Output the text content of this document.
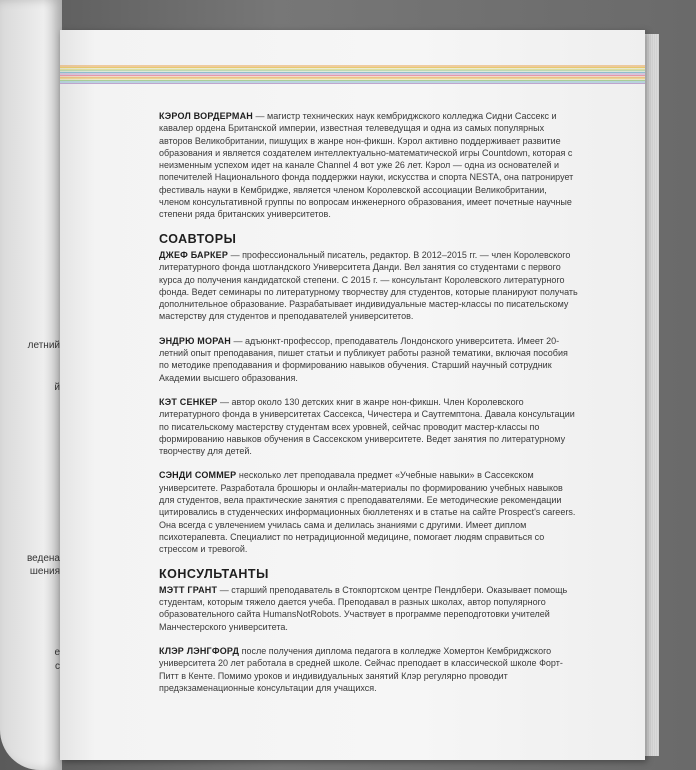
летний
й
ведена
шения
е
с

КЭРОЛ ВОРДЕРМАН — магистр технических наук кембриджского колледжа Сидни Сассекс и кавалер ордена Британской империи, известная телеведущая и одна из самых популярных авторов Великобритании, пишущих в жанре нон-фикшн. Кэрол активно поддерживает развитие образования и является создателем интеллектуально-математической игры Countdown, которая с неизменным успехом идет на канале Channel 4 вот уже 26 лет. Кэрол — одна из основателей и попечителей Национального фонда поддержки науки, искусства и спорта NESTA, она патронирует фестиваль науки в Кембридже, является членом Королевской ассоциации Великобритании, членом консультативной группы по вопросам инженерного образования, имеет почетные научные степени ряда британских университетов.

СОАВТОРЫ

ДЖЕФ БАРКЕР — профессиональный писатель, редактор. В 2012–2015 гг. — член Королевского литературного фонда шотландского Университета Данди. Вел занятия со студентами с первого курса до получения кандидатской степени. С 2015 г. — консультант Королевского литературного фонда. Ведет семинары по литературному творчеству для студентов, которые планируют получать дополнительное образование. Разрабатывает индивидуальные мастер-классы по писательскому мастерству для студентов и преподавателей университетов.

ЭНДРЮ МОРАН — адъюнкт-профессор, преподаватель Лондонского университета. Имеет 20-летний опыт преподавания, пишет статьи и публикует работы разной тематики, включая пособия по методике преподавания и формированию навыков обучения. Старший научный сотрудник Академии высшего образования.

КЭТ СЕНКЕР — автор около 130 детских книг в жанре нон-фикшн. Член Королевского литературного фонда в университетах Сассекса, Чичестера и Саутгемптона. Давала консультации по писательскому мастерству студентам всех уровней, сейчас проводит мастер-классы по формированию навыков обучения в Сассекском университете. Ведет занятия по литературному творчеству для детей.

СЭНДИ СОММЕР несколько лет преподавала предмет «Учебные навыки» в Сассекском университете. Разработала брошюры и онлайн-материалы по формированию учебных навыков для студентов, вела практические занятия с преподавателями. Ее методические рекомендации цитировались в студенческих информационных бюллетенях и в статье на сайте Prospect's careers. Она всегда с увлечением училась сама и делилась знаниями с другими. Имеет диплом психотерапевта. Специалист по нетрадиционной медицине, помогает людям справиться со стрессом и тревогой.

КОНСУЛЬТАНТЫ

МЭТТ ГРАНТ — старший преподаватель в Стокпортском центре Пендлбери. Оказывает помощь студентам, которым тяжело дается учеба. Преподавал в разных школах, автор популярного образовательного сайта HumansNotRobots. Участвует в программе переподготовки учителей Манчестерского университета.

КЛЭР ЛЭНГФОРД после получения диплома педагога в колледже Хомертон Кембриджского университета 20 лет работала в средней школе. Сейчас преподает в классической школе Форт-Питт в Кенте. Помимо уроков и индивидуальных занятий Клэр регулярно проводит предэкзаменационные консультации для учащихся.
